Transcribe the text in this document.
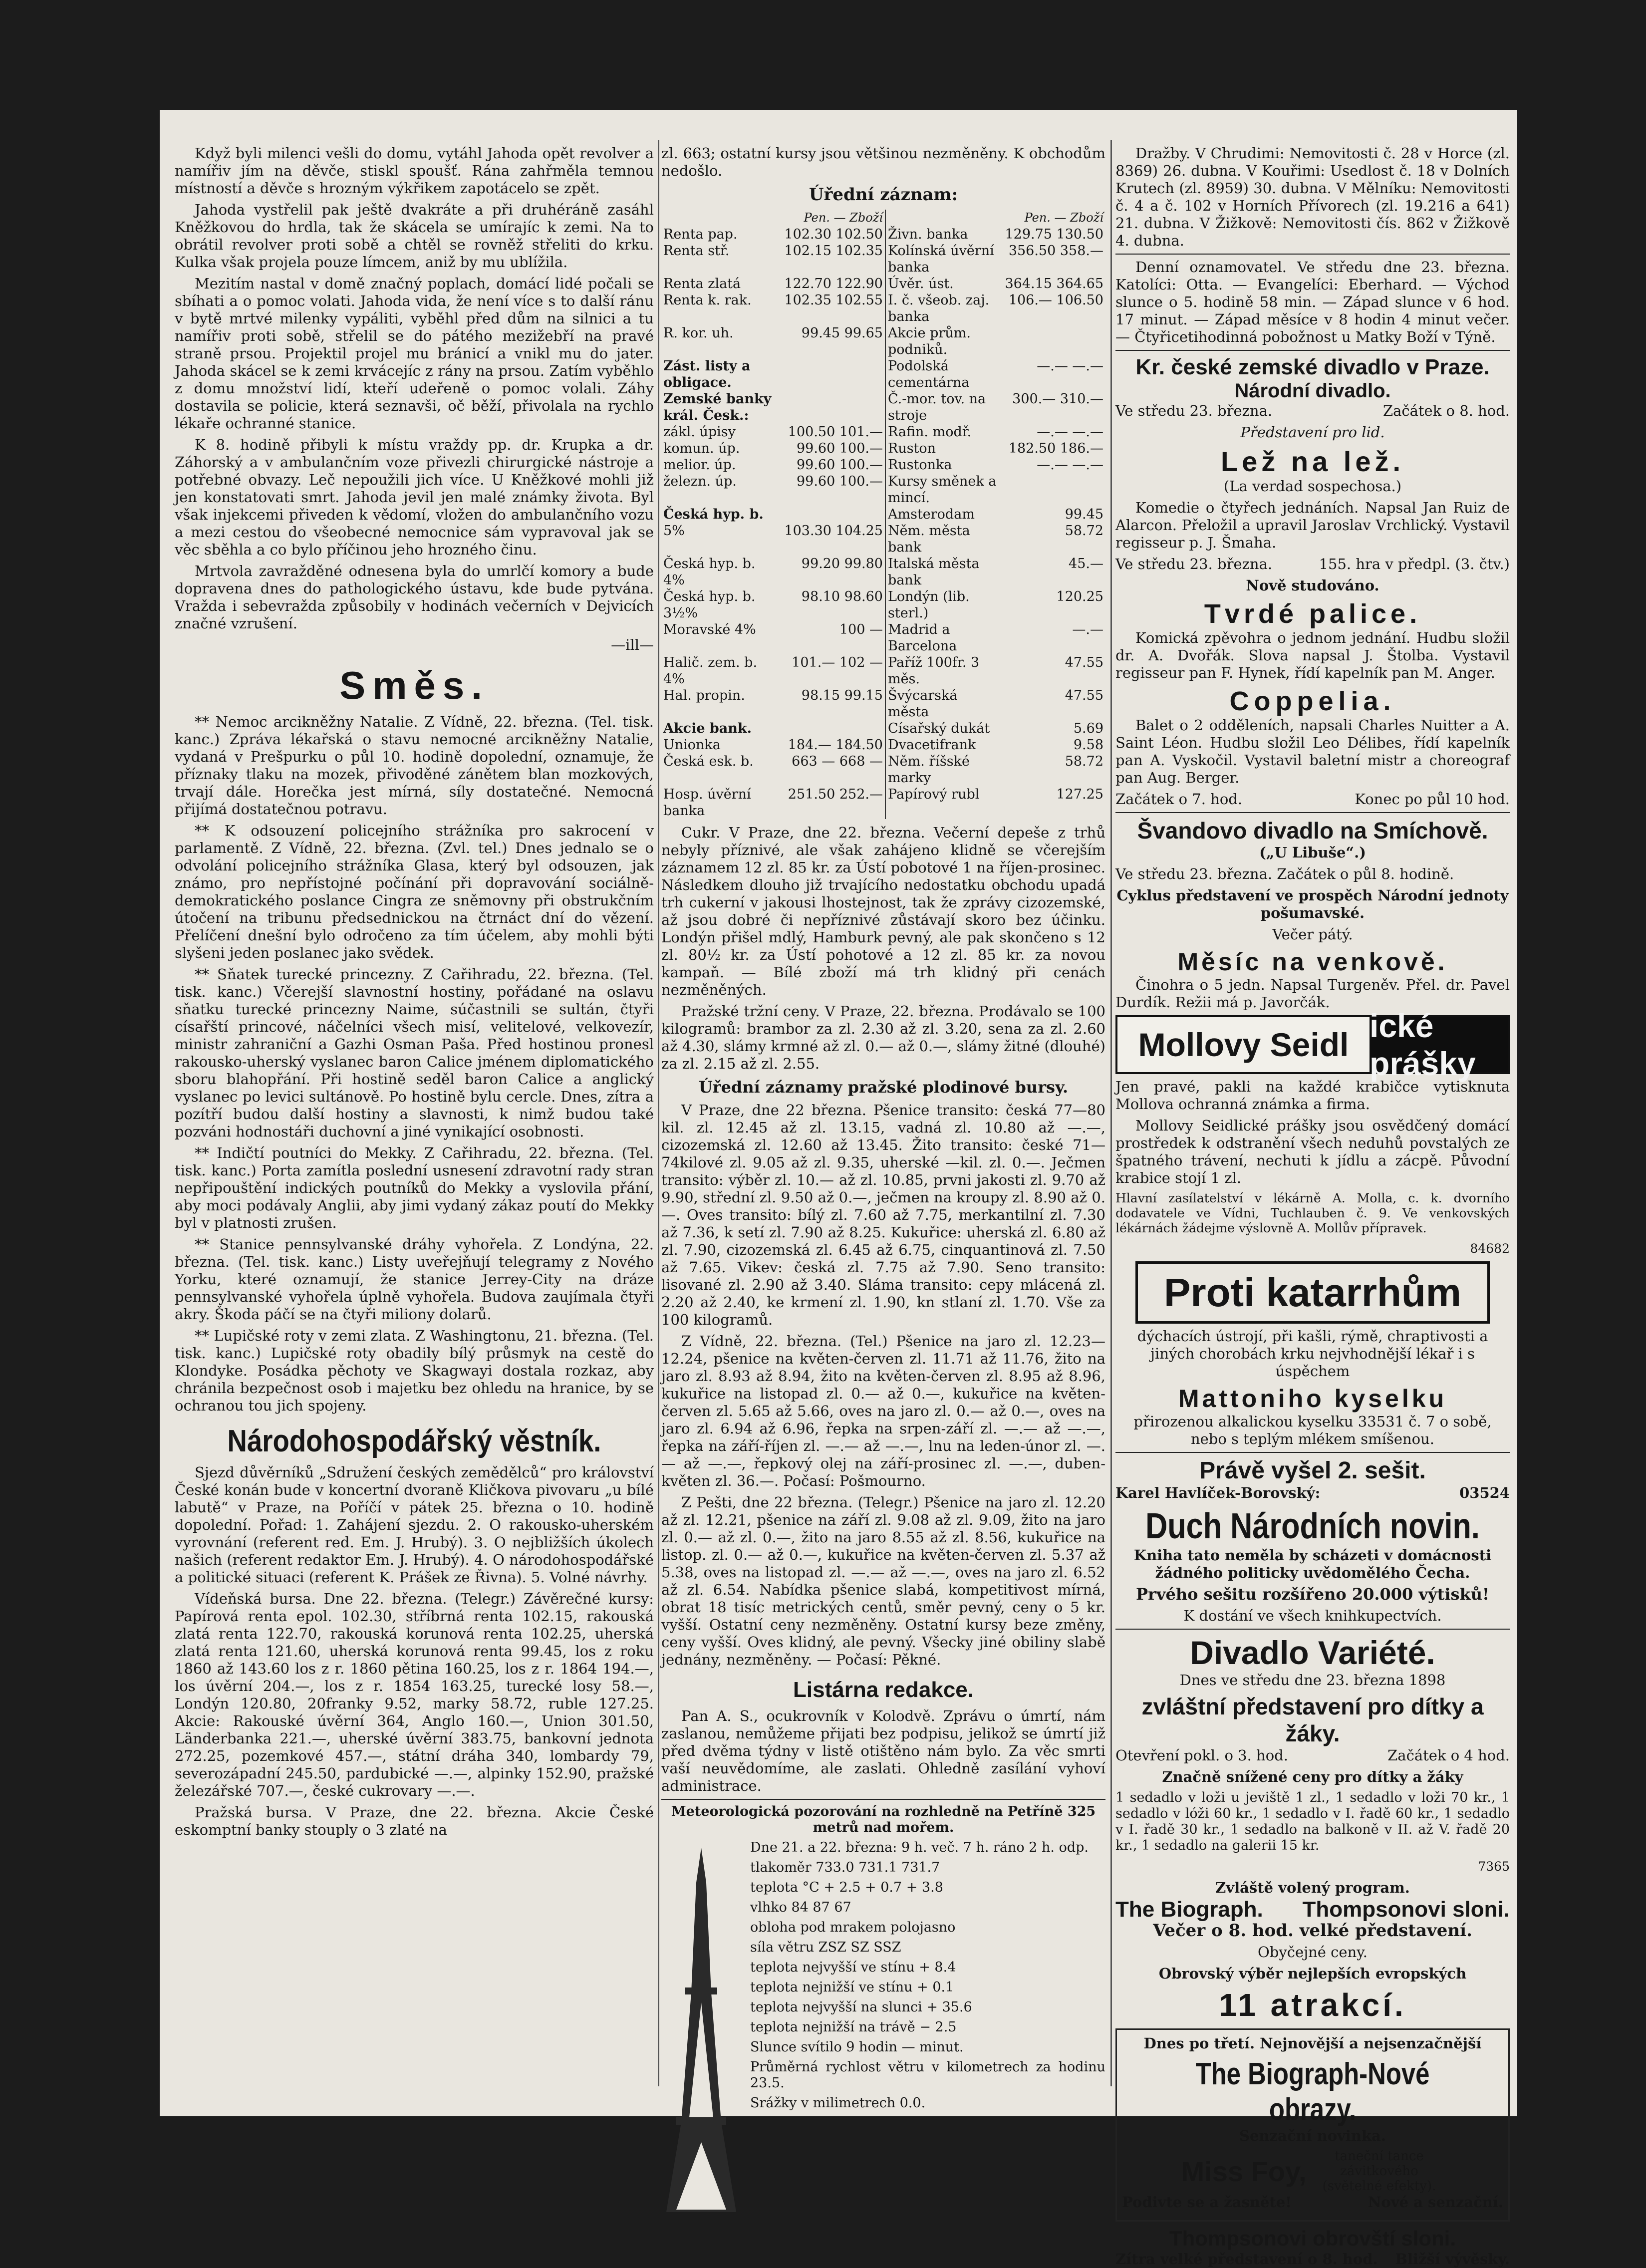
Když byli milenci vešli do domu, vytáhl Jahoda opět revolver a namířiv jím na děvče, stiskl spoušť. Rána zahřměla temnou místností a děvče s hrozným výkřikem zapotácelo se zpět.

Jahoda vystřelil pak ještě dvakráte a při druhéráně zasáhl Kněžkovou do hrdla, tak že skácela se umírajíc k zemi. Na to obrátil revolver proti sobě a chtěl se rovněž střeliti do krku. Kulka však projela pouze límcem, aniž by mu ublížila.

Mezitím nastal v domě značný poplach, domácí lidé počali se sbíhati a o pomoc volati. Jahoda vida, že není více s to další ránu v bytě mrtvé milenky vypáliti, vyběhl před dům na silnici a tu namířiv proti sobě, střelil se do pátého mezižebří na pravé straně prsou. Projektil projel mu bránicí a vnikl mu do jater. Jahoda skácel se k zemi krvácejíc z rány na prsou. Zatím vyběhlo z domu množství lidí, kteří udeřeně o pomoc volali. Záhy dostavila se policie, která seznavši, oč běží, přivolala na rychlo lékaře ochranné stanice.

K 8. hodině přibyli k místu vraždy pp. dr. Krupka a dr. Záhorský a v ambulančním voze přivezli chirurgické nástroje a potřebné obvazy. Leč nepoužili jich více. U Kněžkové mohli již jen konstatovati smrt. Jahoda jevil jen malé známky života. Byl však injekcemi přiveden k vědomí, vložen do ambulančního vozu a mezi cestou do všeobecné nemocnice sám vypravoval jak se věc sběhla a co bylo příčinou jeho hrozného činu.

Mrtvola zavražděné odnesena byla do umrlčí komory a bude dopravena dnes do pathologického ústavu, kde bude pytvána. Vražda i sebevražda způsobily v hodinách večerních v Dejvicích značné vzrušení.

—ill—

Směs.

** Nemoc arcikněžny Natalie. Z Vídně, 22. března. (Tel. tisk. kanc.) Zpráva lékařská o stavu nemocné arcikněžny Natalie, vydaná v Prešpurku o půl 10. hodině dopolední, oznamuje, že příznaky tlaku na mozek, přivoděné zánětem blan mozkových, trvají dále. Horečka jest mírná, síly dostatečné. Nemocná přijímá dostatečnou potravu.

** K odsouzení policejního strážníka pro sakrocení v parlamentě. Z Vídně, 22. března. (Zvl. tel.) Dnes jednalo se o odvolání policejního strážníka Glasa, který byl odsouzen, jak známo, pro nepřístojné počínání při dopravování sociálně-demokratického poslance Cingra ze sněmovny při obstrukčním útočení na tribunu předsednickou na čtrnáct dní do vězení. Přelíčení dnešní bylo odročeno za tím účelem, aby mohli býti slyšeni jeden poslanec jako svědek.

** Sňatek turecké princezny. Z Cařihradu, 22. března. (Tel. tisk. kanc.) Včerejší slavnostní hostiny, pořádané na oslavu sňatku turecké princezny Naime, súčastnili se sultán, čtyři císařští princové, náčelníci všech misí, velitelové, velkovezír, ministr zahraniční a Gazhi Osman Paša. Před hostinou pronesl rakousko-uherský vyslanec baron Calice jménem diplomatického sboru blahopřání. Při hostině seděl baron Calice a anglický vyslanec po levici sultánově. Po hostině bylu cercle. Dnes, zítra a pozítří budou další hostiny a slavnosti, k nimž budou také pozváni hodnostáři duchovní a jiné vynikající osobnosti.

** Indičtí poutníci do Mekky. Z Cařihradu, 22. března. (Tel. tisk. kanc.) Porta zamítla poslední usnesení zdravotní rady stran nepřipouštění indických poutníků do Mekky a vyslovila přání, aby moci podávaly Anglii, aby jimi vydaný zákaz poutí do Mekky byl v platnosti zrušen.

** Stanice pennsylvanské dráhy vyhořela. Z Londýna, 22. března. (Tel. tisk. kanc.) Listy uveřejňují telegramy z Nového Yorku, které oznamují, že stanice Jerrey-City na dráze pennsylvanské vyhořela úplně vyhořela. Budova zaujímala čtyři akry. Škoda páčí se na čtyři miliony dolarů.

** Lupičské roty v zemi zlata. Z Washingtonu, 21. března. (Tel. tisk. kanc.) Lupičské roty obadily bílý průsmyk na cestě do Klondyke. Posádka pěchoty ve Skagwayi dostala rozkaz, aby chránila bezpečnost osob i majetku bez ohledu na hranice, by se ochranou tou jich spojeny.

Národohospodářský věstník.

Sjezd důvěrníků „Sdružení českých zemědělců“ pro království České konán bude v koncertní dvoraně Kličkova pivovaru „u bílé labutě“ v Praze, na Poříčí v pátek 25. března o 10. hodině dopolední. Pořad: 1. Zahájení sjezdu. 2. O rakousko-uherském vyrovnání (referent red. Em. J. Hrubý). 3. O nejbližších úkolech našich (referent redaktor Em. J. Hrubý). 4. O národohospodářské a politické situaci (referent K. Prášek ze Řivna). 5. Volné návrhy.

Vídeňská bursa. Dne 22. března. (Telegr.) Závěrečné kursy: Papírová renta epol. 102.30, stříbrná renta 102.15, rakouská zlatá renta 122.70, rakouská korunová renta 102.25, uherská zlatá renta 121.60, uherská korunová renta 99.45, los z roku 1860 až 143.60 los z r. 1860 pětina 160.25, los z r. 1864 194.—, los úvěrní 204.—, los z r. 1854 163.25, turecké losy 58.—, Londýn 120.80, 20franky 9.52, marky 58.72, ruble 127.25. Akcie: Rakouské úvěrní 364, Anglo 160.—, Union 301.50, Länderbanka 221.—, uherské úvěrní 383.75, bankovní jednota 272.25, pozemkové 457.—, státní dráha 340, lombardy 79, severozápadní 245.50, pardubické —.—, alpinky 152.90, pražské železářské 707.—, české cukrovary —.—.

Pražská bursa. V Praze, dne 22. března. Akcie České eskomptní banky stouply o 3 zlaté na

zl. 663; ostatní kursy jsou většinou nezměněny. K obchodům nedošlo.

Úřední záznam:
	Pen. — Zboží		Pen. — Zboží
Renta pap.	102.30 102.50	Živn. banka	129.75 130.50
Renta stř.	102.15 102.35	Kolínská úvěrní banka	356.50 358.—
Renta zlatá	122.70 122.90	Úvěr. úst.	364.15 364.65
Renta k. rak.	102.35 102.55	I. č. všeob. zaj. banka	106.— 106.50
R. kor. uh.	99.45 99.65	Akcie prům. podniků.	
Zást. listy a obligace.		Podolská cementárna	—.— —.—
Zemské banky král. Česk.:		Č.-mor. tov. na stroje	300.— 310.—
zákl. úpisy	100.50 101.—	Rafin. modř.	—.— —.—
komun. úp.	99.60 100.—	Ruston	182.50 186.—
melior. úp.	99.60 100.—	Rustonka	—.— —.—
železn. úp.	99.60 100.—	Kursy směnek a mincí.	
Česká hyp. b.		Amsterodam	99.45
5%	103.30 104.25	Něm. města bank	58.72
Česká hyp. b. 4%	99.20 99.80	Italská města bank	45.—
Česká hyp. b. 3½%	98.10 98.60	Londýn (lib. sterl.)	120.25
Moravské 4%	100 —	Madrid a Barcelona	—.—
Halič. zem. b. 4%	101.— 102 —	Paříž 100fr. 3 měs.	47.55
Hal. propin.	98.15 99.15	Švýcarská města	47.55
Akcie bank.		Císařský dukát	5.69
Unionka	184.— 184.50	Dvacetifrank	9.58
Česká esk. b.	663 — 668 —	Něm. říšské marky	58.72
Hosp. úvěrní banka	251.50 252.—	Papírový rubl	127.25

Cukr. V Praze, dne 22. března. Večerní depeše z trhů nebyly příznivé, ale však zahájeno klidně se včerejším záznamem 12 zl. 85 kr. za Ústí pobotové 1 na říjen-prosinec. Následkem dlouho již trvajícího nedostatku obchodu upadá trh cukerní v jakousi lhostejnost, tak že zprávy cizozemské, až jsou dobré či nepříznivé zůstávají skoro bez účinku. Londýn přišel mdlý, Hamburk pevný, ale pak skončeno s 12 zl. 80½ kr. za Ústí pohotové a 12 zl. 85 kr. za novou kampaň. — Bílé zboží má trh klidný při cenách nezměněných.

Pražské tržní ceny. V Praze, 22. března. Prodávalo se 100 kilogramů: brambor za zl. 2.30 až zl. 3.20, sena za zl. 2.60 až 4.30, slámy krmné až zl. 0.— až 0.—, slámy žitné (dlouhé) za zl. 2.15 až zl. 2.55.

Úřední záznamy pražské plodinové bursy.

V Praze, dne 22 března. Pšenice transito: česká 77—80 kil. zl. 12.45 až zl. 13.15, vadná zl. 10.80 až —.—, cizozemská zl. 12.60 až 13.45. Žito transito: české 71—74kilové zl. 9.05 až zl. 9.35, uherské —kil. zl. 0.—. Ječmen transito: výběr zl. 10.— až zl. 10.85, prvni jakosti zl. 9.70 až 9.90, střední zl. 9.50 až 0.—, ječmen na kroupy zl. 8.90 až 0.—. Oves transito: bílý zl. 7.60 až 7.75, merkantilní zl. 7.30 až 7.36, k setí zl. 7.90 až 8.25. Kukuřice: uherská zl. 6.80 až zl. 7.90, cizozemská zl. 6.45 až 6.75, cinquantinová zl. 7.50 až 7.65. Vikev: česká zl. 7.75 až 7.90. Seno transito: lisované zl. 2.90 až 3.40. Sláma transito: cepy mlácená zl. 2.20 až 2.40, ke krmení zl. 1.90, kn stlaní zl. 1.70. Vše za 100 kilogramů.

Z Vídně, 22. března. (Tel.) Pšenice na jaro zl. 12.23—12.24, pšenice na květen-červen zl. 11.71 až 11.76, žito na jaro zl. 8.93 až 8.94, žito na květen-červen zl. 8.95 až 8.96, kukuřice na listopad zl. 0.— až 0.—, kukuřice na květen-červen zl. 5.65 až 5.66, oves na jaro zl. 0.— až 0.—, oves na jaro zl. 6.94 až 6.96, řepka na srpen-září zl. —.— až —.—, řepka na září-říjen zl. —.— až —.—, lnu na leden-únor zl. —.— až —.—, řepkový olej na září-prosinec zl. —.—, duben-květen zl. 36.—. Počasí: Pošmourno.

Z Pešti, dne 22 března. (Telegr.) Pšenice na jaro zl. 12.20 až zl. 12.21, pšenice na září zl. 9.08 až zl. 9.09, žito na jaro zl. 0.— až zl. 0.—, žito na jaro 8.55 až zl. 8.56, kukuřice na listop. zl. 0.— až 0.—, kukuřice na květen-červen zl. 5.37 až 5.38, oves na listopad zl. —.— až —.—, oves na jaro zl. 6.52 až zl. 6.54. Nabídka pšenice slabá, kompetitivost mírná, obrat 18 tisíc metrických centů, směr pevný, ceny o 5 kr. vyšší. Ostatní ceny nezměněny. Ostatní kursy beze změny, ceny vyšší. Oves klidný, ale pevný. Všecky jiné obiliny slabě jednány, nezměněny. — Počasí: Pěkné.

Listárna redakce.

Pan A. S., ocukrovník v Kolodvě. Zprávu o úmrtí, nám zaslanou, nemůžeme přijati bez podpisu, jelikož se úmrtí již před dvěma týdny v listě otištěno nám bylo. Za věc smrti vaší neuvědomíme, ale zaslati. Ohledně zasílání vyhoví administrace.

Meteorologická pozorování na rozhledně na Petříně 325 metrů nad mořem.

Dne 21. a 22. března: 9 h. več. 7 h. ráno 2 h. odp.

tlakoměr 733.0 731.1 731.7

teplota °C + 2.5 + 0.7 + 3.8

vlhko 84 87 67

obloha pod mrakem polojasno

síla větru ZSZ SZ SSZ

teplota nejvyšší ve stínu + 8.4

teplota nejnižší ve stínu + 0.1

teplota nejvyšší na slunci + 35.6

teplota nejnižší na trávě − 2.5

Slunce svítilo 9 hodin — minut.

Průměrná rychlost větru v kilometrech za hodinu 23.5.

Srážky v milimetrech 0.0.

Dražby. V Chrudimi: Nemovitosti č. 28 v Horce (zl. 8369) 26. dubna. V Kouřimi: Usedlost č. 18 v Dolních Krutech (zl. 8959) 30. dubna. V Mělníku: Nemovitosti č. 4 a č. 102 v Horních Přívorech (zl. 19.216 a 641) 21. dubna. V Žižkově: Nemovitosti čís. 862 v Žižkově 4. dubna.

Denní oznamovatel. Ve středu dne 23. března. Katolíci: Otta. — Evangelíci: Eberhard. — Východ slunce o 5. hodině 58 min. — Západ slunce v 6 hod. 17 minut. — Západ měsíce v 8 hodin 4 minut večer. — Čtyřicetihodinná pobožnost u Matky Boží v Týně.

Kr. české zemské divadlo v Praze.
Národní divadlo.

Ve středu 23. března.	Začátek o 8. hod.

Představení pro lid.

Lež na lež.

(La verdad sospechosa.)

Komedie o čtyřech jednáních. Napsal Jan Ruiz de Alarcon. Přeložil a upravil Jaroslav Vrchlický. Vystavil regisseur p. J. Šmaha.

Ve středu 23. března.	155. hra v předpl. (3. čtv.)

Nově studováno.

Tvrdé palice.

Komická zpěvohra o jednom jednání. Hudbu složil dr. A. Dvořák. Slova napsal J. Štolba. Vystavil regisseur pan F. Hynek, řídí kapelník pan M. Anger.

Coppelia.

Balet o 2 odděleních, napsali Charles Nuitter a A. Saint Léon. Hudbu složil Leo Délibes, řídí kapelník pan A. Vyskočil. Vystavil baletní mistr a choreograf pan Aug. Berger.

Začátek o 7. hod.	Konec po půl 10 hod.

Švandovo divadlo na Smíchově.

(„U Libuše“.)

Ve středu 23. března. Začátek o půl 8. hodině.

Cyklus představení ve prospěch Národní jednoty pošumavské.

Večer pátý.

Měsíc na venkově.

Činohra o 5 jedn. Napsal Turgeněv. Přel. dr. Pavel Durdík. Režii má p. Javorčák.

Mollovy Seidl
ické prášky

Jen pravé, pakli na každé krabičce vytisknuta Mollova ochranná známka a firma.

Mollovy Seidlické prášky jsou osvědčený domácí prostředek k odstranění všech neduhů povstalých ze špatného trávení, nechuti k jídlu a zácpě. Původní krabice stojí 1 zl.

Hlavní zasílatelství v lékárně A. Molla, c. k. dvorního dodavatele ve Vídni, Tuchlauben č. 9. Ve venkovských lékárnách žádejme výslovně A. Mollův přípravek.

84682

Proti katarrhům

dýchacích ústrojí, při kašli, rýmě, chraptivosti a jiných chorobách krku nejvhodnější lékař i s úspěchem

Mattoniho kyselku

přirozenou alkalickou kyselku 33531 č. 7 o sobě, nebo s teplým mlékem smíšenou.

Právě vyšel 2. sešit.

Karel Havlíček-Borovský:	03524

Duch Národních novin.

Kniha tato neměla by scházeti v domácnosti žádného politicky uvědomělého Čecha.

Prvého sešitu rozšířeno 20.000 výtisků!

K dostání ve všech knihkupectvích.

Divadlo Variété.

Dnes ve středu dne 23. března 1898

zvláštní představení pro dítky a žáky.

Otevření pokl. o 3. hod.	Začátek o 4 hod.

Značně snížené ceny pro dítky a žáky

1 sedadlo v loži u jeviště 1 zl., 1 sedadlo v loži 70 kr., 1 sedadlo v lóži 60 kr., 1 sedadlo v I. řadě 60 kr., 1 sedadlo v I. řadě 30 kr., 1 sedadlo na balkoně v II. až V. řadě 20 kr., 1 sedadlo na galerii 15 kr.

7365

Zvláště volený program.

The Biograph. Thompsonovi sloni.

Večer o 8. hod. velké představení.

Obyčejné ceny.

Obrovský výběr nejlepších evropských

11 atrakcí.

Dnes po třetí. Nejnovější a nejsenzačnější

The Biograph-Nové obrazy.

Senzační novinka.

Miss Foy,	taneční tance závitkového (světelné efekty).

Podivte se a žasněte!	Nové a senzační.

Thompsonovi obrovští sloni.

Zítra velké představení o 8. hod. Bližší vývěsky.
